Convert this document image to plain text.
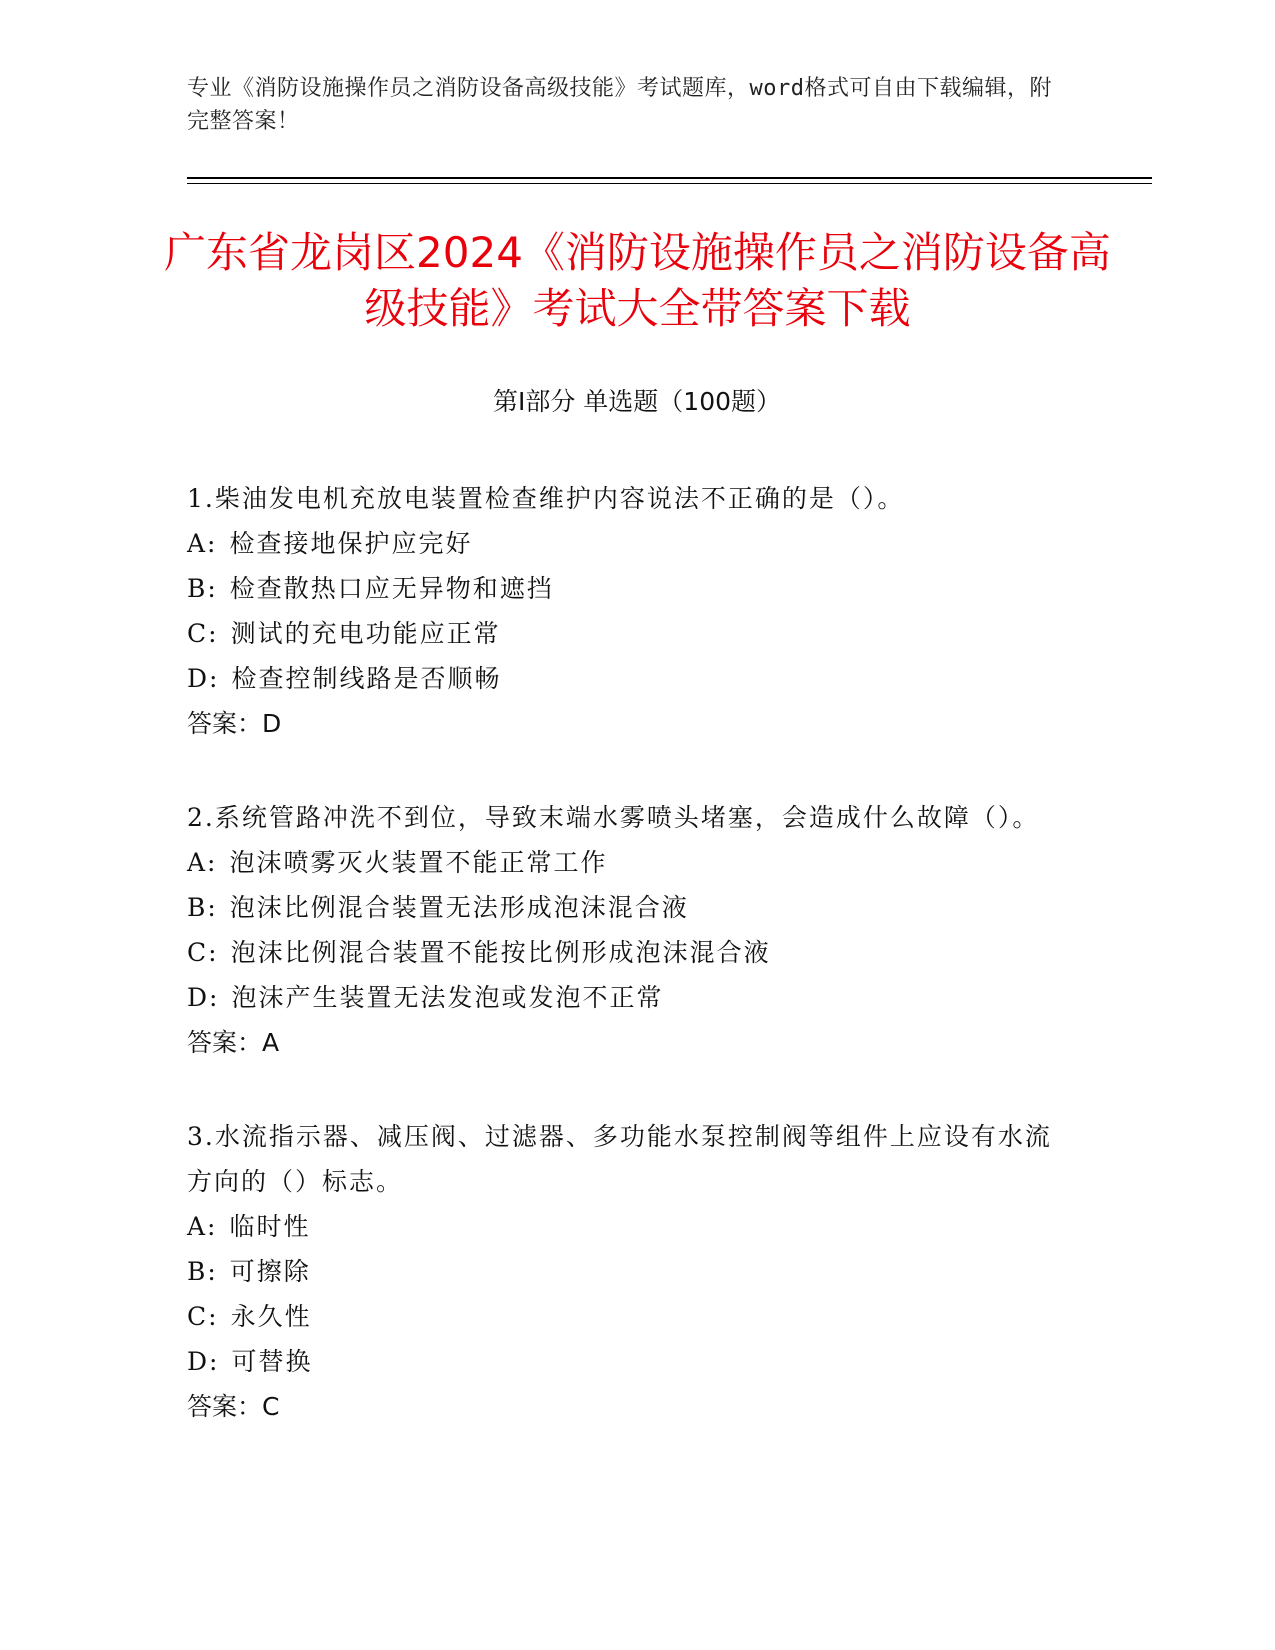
专业《消防设施操作员之消防设备高级技能》考试题库，word格式可自由下载编辑，附完整答案！
广东省龙岗区2024《消防设施操作员之消防设备高级技能》考试大全带答案下载
第Ⅰ部分 单选题（100题）

1.柴油发电机充放电装置检查维护内容说法不正确的是（）。

A: 检查接地保护应完好

B: 检查散热口应无异物和遮挡

C: 测试的充电功能应正常

D: 检查控制线路是否顺畅

答案：D

2.系统管路冲洗不到位，导致末端水雾喷头堵塞，会造成什么故障（）。

A: 泡沫喷雾灭火装置不能正常工作

B: 泡沫比例混合装置无法形成泡沫混合液

C: 泡沫比例混合装置不能按比例形成泡沫混合液

D: 泡沫产生装置无法发泡或发泡不正常

答案：A

3.水流指示器、减压阀、过滤器、多功能水泵控制阀等组件上应设有水流方向的（）标志。

A: 临时性

B: 可擦除

C: 永久性

D: 可替换

答案：C
